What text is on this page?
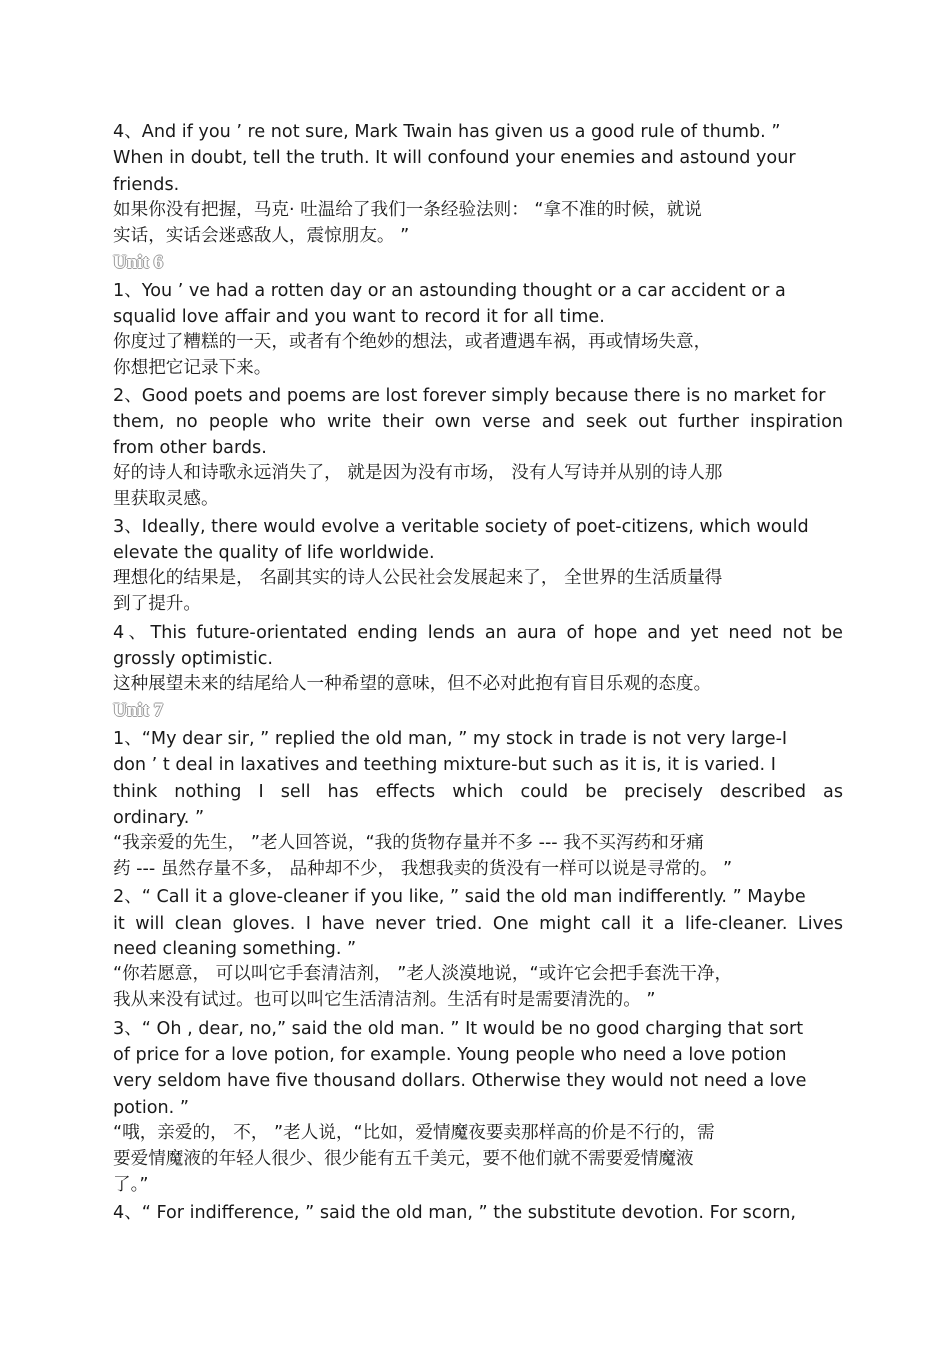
4、And if you ’ re not sure, Mark Twain has given us a good rule of thumb. ”
When in doubt, tell the truth. It will confound your enemies and astound your
friends.
如果你没有把握，马克· 吐温给了我们一条经验法则： “拿不准的时候，就说
实话，实话会迷惑敌人，震惊朋友。 ”
Unit 6
1、You ’ ve had a rotten day or an astounding thought or a car accident or a
squalid love affair and you want to record it for all time.
你度过了糟糕的一天，或者有个绝妙的想法，或者遭遇车祸，再或情场失意，
你想把它记录下来。
2、Good poets and poems are lost forever simply because there is no market for
them, no people who write their own verse and seek out further inspiration
from other bards.
好的诗人和诗歌永远消失了， 就是因为没有市场， 没有人写诗并从别的诗人那
里获取灵感。
3、Ideally, there would evolve a veritable society of poet-citizens, which would
elevate the quality of life worldwide.
理想化的结果是， 名副其实的诗人公民社会发展起来了， 全世界的生活质量得
到了提升。
4、This future-orientated ending lends an aura of hope and yet need not be
grossly optimistic.
这种展望未来的结尾给人一种希望的意味，但不必对此抱有盲目乐观的态度。
Unit 7
1、“My dear sir, ” replied the old man, ” my stock in trade is not very large-I
don ’ t deal in laxatives and teething mixture-but such as it is, it is varied. I
think nothing I sell has effects which could be precisely described as
ordinary. ”
“我亲爱的先生， ”老人回答说，“我的货物存量并不多 --- 我不买泻药和牙痛
药 --- 虽然存量不多， 品种却不少， 我想我卖的货没有一样可以说是寻常的。 ”
2、“ Call it a glove-cleaner if you like, ” said the old man indifferently. ” Maybe
it will clean gloves. I have never tried. One might call it a life-cleaner. Lives
need cleaning something. ”
“你若愿意， 可以叫它手套清洁剂， ”老人淡漠地说，“或许它会把手套洗干净，
我从来没有试过。也可以叫它生活清洁剂。生活有时是需要清洗的。 ”
3、“ Oh , dear, no,” said the old man. ” It would be no good charging that sort
of price for a love potion, for example. Young people who need a love potion
very seldom have five thousand dollars. Otherwise they would not need a love
potion. ”
“哦，亲爱的， 不， ”老人说，“比如，爱情魔夜要卖那样高的价是不行的，需
要爱情魔液的年轻人很少、很少能有五千美元，要不他们就不需要爱情魔液
了。”
4、“ For indifference, ” said the old man, ” the substitute devotion. For scorn,
